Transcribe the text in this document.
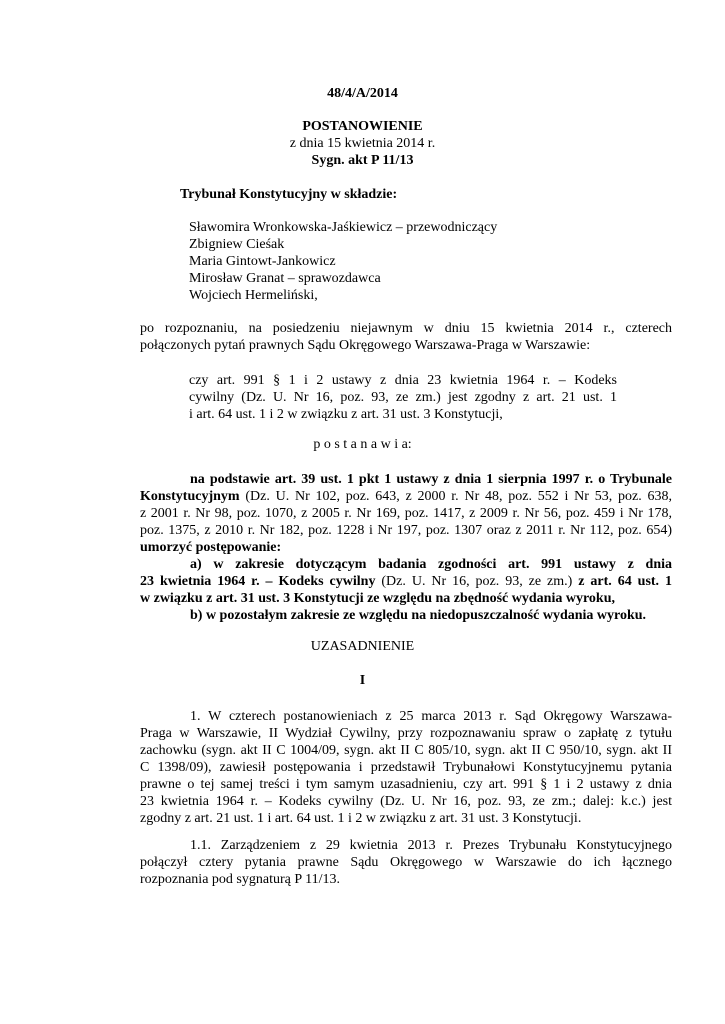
48/4/A/2014
POSTANOWIENIE
z dnia 15 kwietnia 2014 r.
Sygn. akt P 11/13
Trybunał Konstytucyjny w składzie:
Sławomira Wronkowska-Jaśkiewicz – przewodniczący
Zbigniew Cieśak
Maria Gintowt-Jankowicz
Mirosław Granat – sprawozdawca
Wojciech Hermeliński,
po rozpoznaniu, na posiedzeniu niejawnym w dniu 15 kwietnia 2014 r., czterech
połączonych pytań prawnych Sądu Okręgowego Warszawa-Praga w Warszawie:
czy art. 991 § 1 i 2 ustawy z dnia 23 kwietnia 1964 r. – Kodeks
cywilny (Dz. U. Nr 16, poz. 93, ze zm.) jest zgodny z art. 21 ust. 1
i art. 64 ust. 1 i 2 w związku z art. 31 ust. 3 Konstytucji,
p o s t a n a w i a:
na podstawie art. 39 ust. 1 pkt 1 ustawy z dnia 1 sierpnia 1997 r. o Trybunale
Konstytucyjnym (Dz. U. Nr 102, poz. 643, z 2000 r. Nr 48, poz. 552 i Nr 53, poz. 638,
z 2001 r. Nr 98, poz. 1070, z 2005 r. Nr 169, poz. 1417, z 2009 r. Nr 56, poz. 459 i Nr 178,
poz. 1375, z 2010 r. Nr 182, poz. 1228 i Nr 197, poz. 1307 oraz z 2011 r. Nr 112, poz. 654)
umorzyć postępowanie:
a) w zakresie dotyczącym badania zgodności art. 991 ustawy z dnia
23 kwietnia 1964 r. – Kodeks cywilny (Dz. U. Nr 16, poz. 93, ze zm.) z art. 64 ust. 1
w związku z art. 31 ust. 3 Konstytucji ze względu na zbędność wydania wyroku,
b) w pozostałym zakresie ze względu na niedopuszczalność wydania wyroku.
UZASADNIENIE
I
1. W czterech postanowieniach z 25 marca 2013 r. Sąd Okręgowy Warszawa-
Praga w Warszawie, II Wydział Cywilny, przy rozpoznawaniu spraw o zapłatę z tytułu
zachowku (sygn. akt II C 1004/09, sygn. akt II C 805/10, sygn. akt II C 950/10, sygn. akt II
C 1398/09), zawiesił postępowania i przedstawił Trybunałowi Konstytucyjnemu pytania
prawne o tej samej treści i tym samym uzasadnieniu, czy art. 991 § 1 i 2 ustawy z dnia
23 kwietnia 1964 r. – Kodeks cywilny (Dz. U. Nr 16, poz. 93, ze zm.; dalej: k.c.) jest
zgodny z art. 21 ust. 1 i art. 64 ust. 1 i 2 w związku z art. 31 ust. 3 Konstytucji.
1.1. Zarządzeniem z 29 kwietnia 2013 r. Prezes Trybunału Konstytucyjnego
połączył cztery pytania prawne Sądu Okręgowego w Warszawie do ich łącznego
rozpoznania pod sygnaturą P 11/13.
